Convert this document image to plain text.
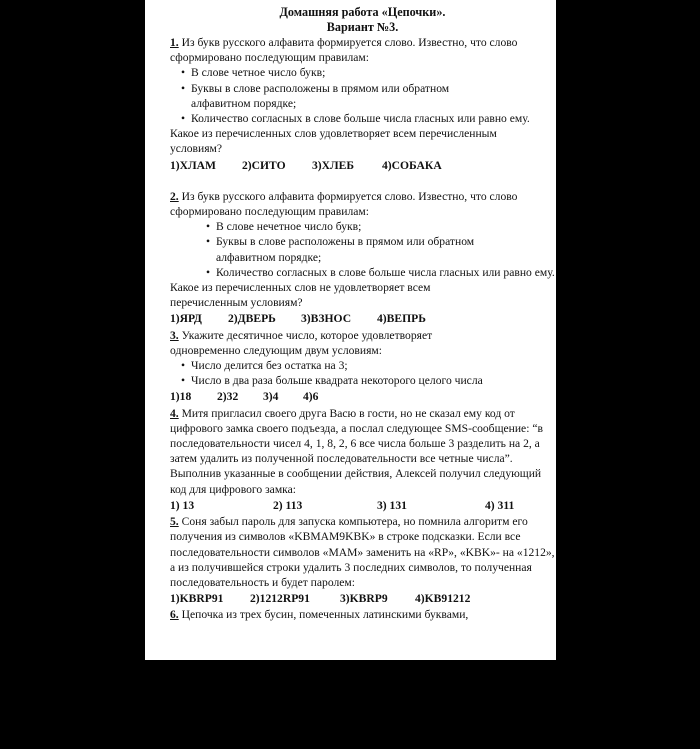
Домашняя работа «Цепочки».
Вариант №3.

1. Из букв русского алфавита формируется слово. Известно, что слово сформировано последующим правилам:

• В слове четное число букв;
• Буквы в слове расположены в прямом или обратном алфавитном порядке;
• Количество согласных в слове больше числа гласных или равно ему.

Какое из перечисленных слов удовлетворяет всем перечисленным условиям?

1)ХЛАМ	2)СИТО	3)ХЛЕБ	4)СОБАКА

2. Из букв русского алфавита формируется слово. Известно, что слово сформировано последующим правилам:

• В слове нечетное число букв;
• Буквы в слове расположены в прямом или обратном алфавитном порядке;
• Количество согласных в слове больше числа гласных или равно ему.

Какое из перечисленных слов не удовлетворяет всем перечисленным условиям?

1)ЯРД	2)ДВЕРЬ	3)ВЗНОС	4)ВЕПРЬ

3. Укажите десятичное число, которое удовлетворяет одновременно следующим двум условиям:

• Число делится без остатка на 3;
• Число в два раза больше квадрата некоторого целого числа
1)18	2)32	3)4	4)6

4. Митя пригласил своего друга Васю в гости, но не сказал ему код от цифрового замка своего подъезда, а послал следующее SMS-сообщение: “в последовательности чисел 4, 1, 8, 2, 6 все числа больше 3 разделить на 2, а затем удалить из полученной последовательности все четные числа”. Выполнив указанные в сообщении действия, Алексей получил следующий код для цифрового замка:

1) 13	2) 113	3) 131	4) 311

5. Соня забыл пароль для запуска компьютера, но помнила алгоритм его получения из символов «KBMAM9KBK» в строке подсказки. Если все последовательности символов «МАМ» заменить на «RP», «KBK»- на «1212», а из получившейся строки удалить 3 последних символов, то полученная последовательность и будет паролем:

1)KBRP91	2)1212RP91	3)KBRP9	4)KB91212

6. Цепочка из трех бусин, помеченных латинскими буквами,
